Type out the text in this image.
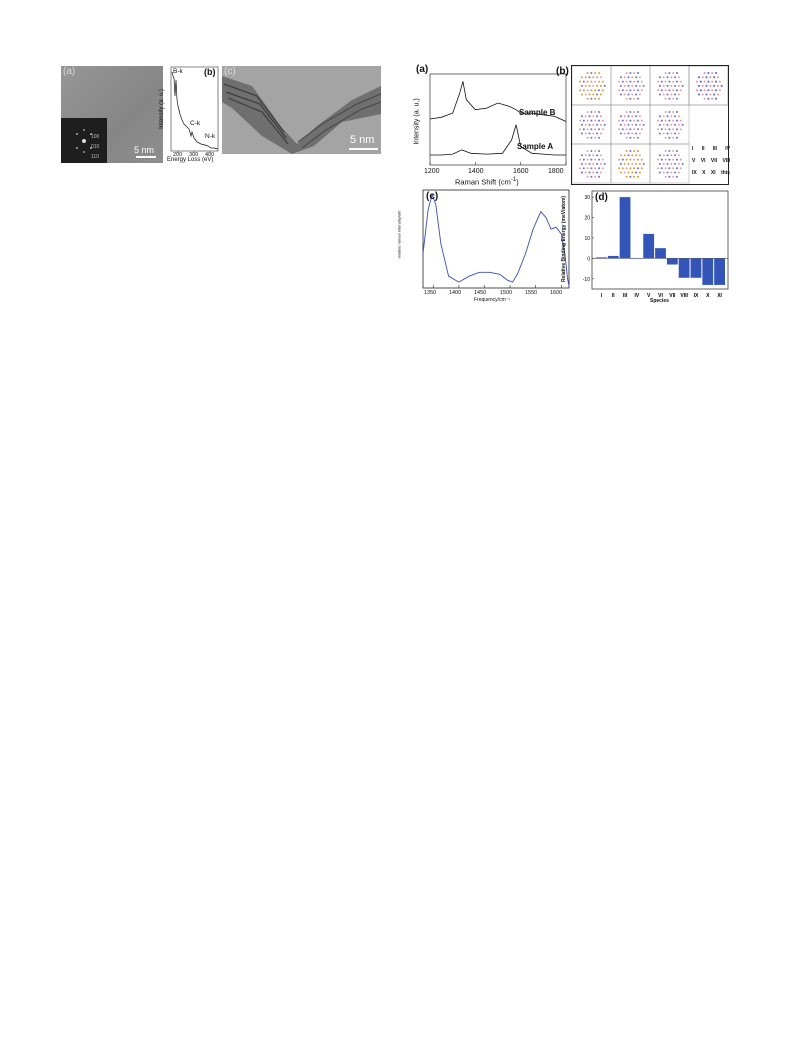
100
010
110
(a)
5 nm
B-k
C-k
N-k
(b)
Intensity (a. u.)
200 300 400
Energy Loss (eV)
(c)
5 nm
(a)
Sample B
Sample A
Intensity (a. u.)
1200	1400	1600	1800
Raman Shift $(cm^{-1})$
(b)
I II III IV
V VI VII VIII
IX X XI this
(c)
relative raman intensity/arb
1350 1400 1450	1500 1550 1600
Frequency/cm⁻¹
I II III IV V VI VII VIII IX X XI
30
20
10
0
-10
(d)
Relative Binding Energy (meV/atom)
Species
